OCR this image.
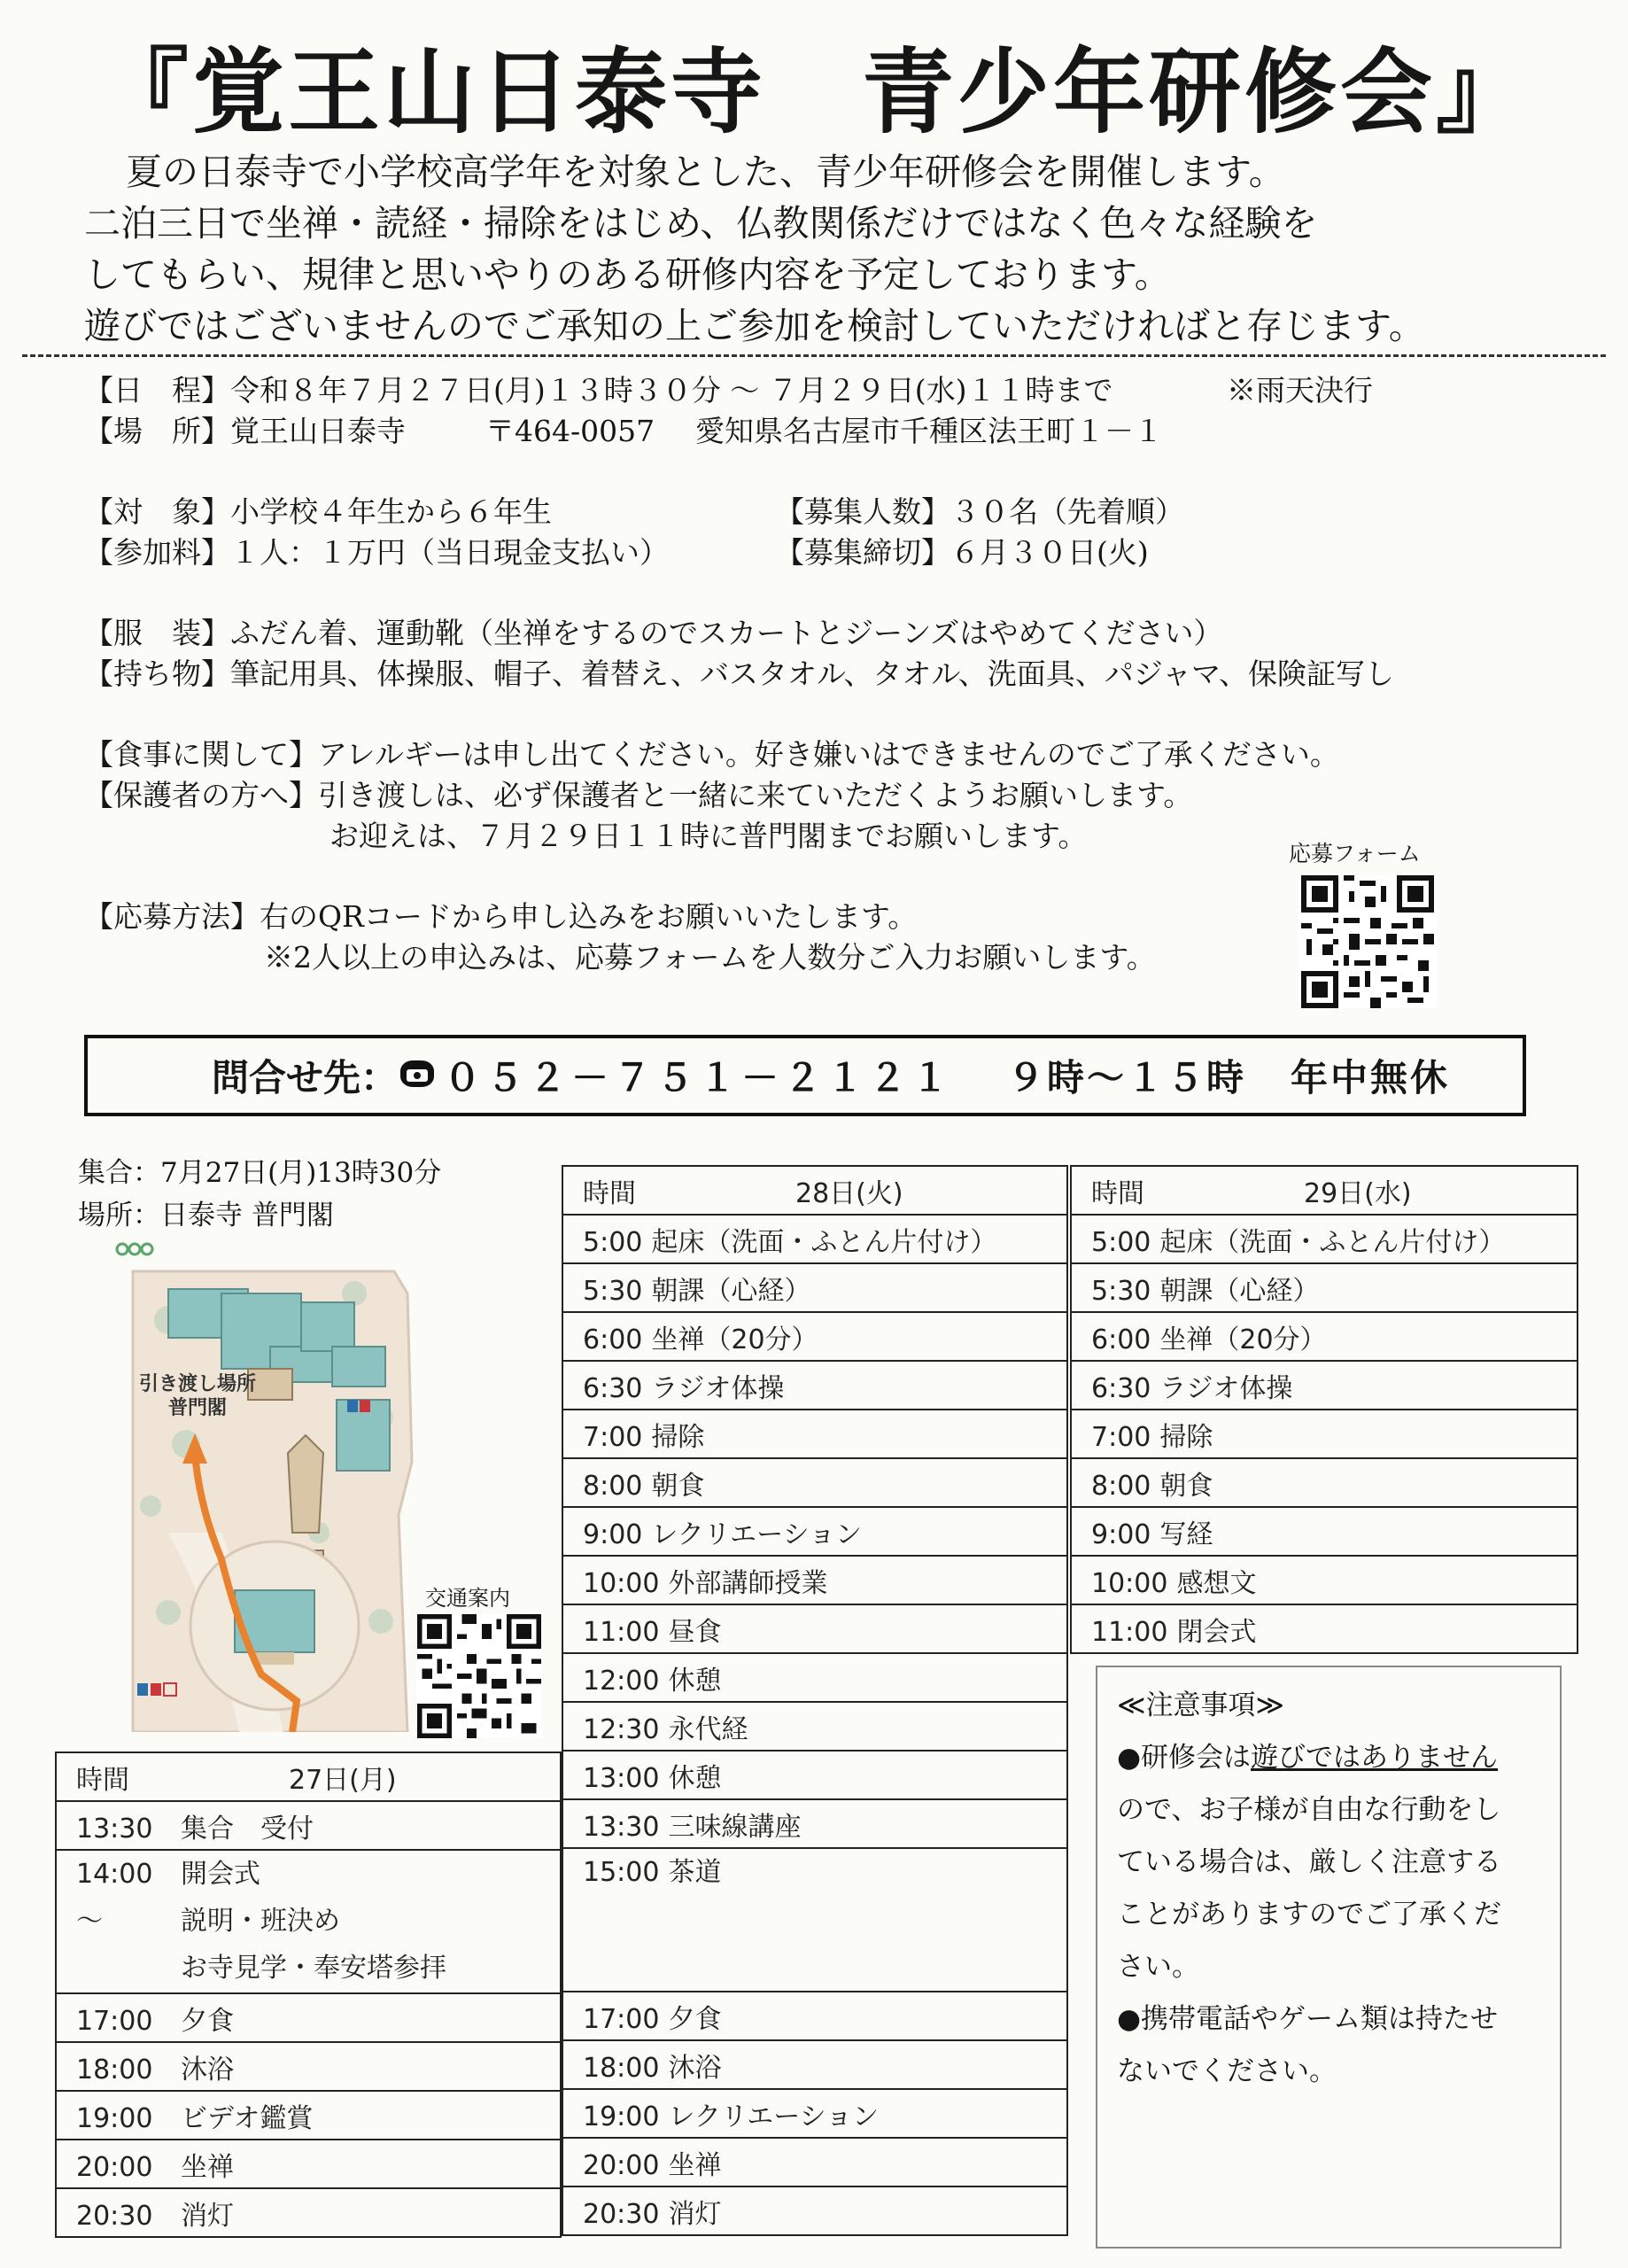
『覚王山日泰寺　青少年研修会』
夏の日泰寺で小学校高学年を対象とした、青少年研修会を開催します。
二泊三日で坐禅・読経・掃除をはじめ、仏教関係だけではなく色々な経験を
してもらい、規律と思いやりのある研修内容を予定しております。
遊びではございませんのでご承知の上ご参加を検討していただければと存じます。
【日　程】令和８年７月２７日(月)１３時３０分 ～ ７月２９日(水)１１時まで	※雨天決行
【場　所】覚王山日泰寺	〒464-0057 愛知県名古屋市千種区法王町１－１
【対　象】小学校４年生から６年生	【募集人数】３０名（先着順）
【参加料】１人：１万円（当日現金支払い）	【募集締切】６月３０日(火)
【服　装】ふだん着、運動靴（坐禅をするのでスカートとジーンズはやめてください）
【持ち物】筆記用具、体操服、帽子、着替え、バスタオル、タオル、洗面具、パジャマ、保険証写し
【食事に関して】アレルギーは申し出てください。好き嫌いはできませんのでご了承ください。
【保護者の方へ】引き渡しは、必ず保護者と一緒に来ていただくようお願いします。
お迎えは、７月２９日１１時に普門閣までお願いします。
【応募方法】右のQRコードから申し込みをお願いいたします。
※2人以上の申込みは、応募フォームを人数分ご入力お願いします。
応募フォーム
問合せ先： ０５２－７５１－２１２１ ９時～１５時 年中無休
集合：7月27日(月)13時30分
場所：日泰寺 普門閣
引き渡し場所
普門閣
交通案内
時間	27日(月)
13:30 集合　受付

14:00 開会式
〜	説明・班決め
お寺見学・奉安塔参拝

17:00 夕食
18:00 沐浴
19:00 ビデオ鑑賞
20:00 坐禅
20:30 消灯
時間	28日(火)
5:00 起床（洗面・ふとん片付け）
5:30 朝課（心経）
6:00 坐禅（20分）
6:30 ラジオ体操
7:00 掃除
8:00 朝食
9:00 レクリエーション
10:00 外部講師授業
11:00 昼食
12:00 休憩
12:30 永代経
13:00 休憩
13:30 三味線講座
15:00 茶道
17:00 夕食
18:00 沐浴
19:00 レクリエーション
20:00 坐禅
20:30 消灯
時間	29日(水)
5:00 起床（洗面・ふとん片付け）
5:30 朝課（心経）
6:00 坐禅（20分）
6:30 ラジオ体操
7:00 掃除
8:00 朝食
9:00 写経
10:00 感想文
11:00 閉会式
≪注意事項≫
●研修会は遊びではありません
ので、お子様が自由な行動をし
ている場合は、厳しく注意する
ことがありますのでご了承くだ
さい。
●携帯電話やゲーム類は持たせ
ないでください。
